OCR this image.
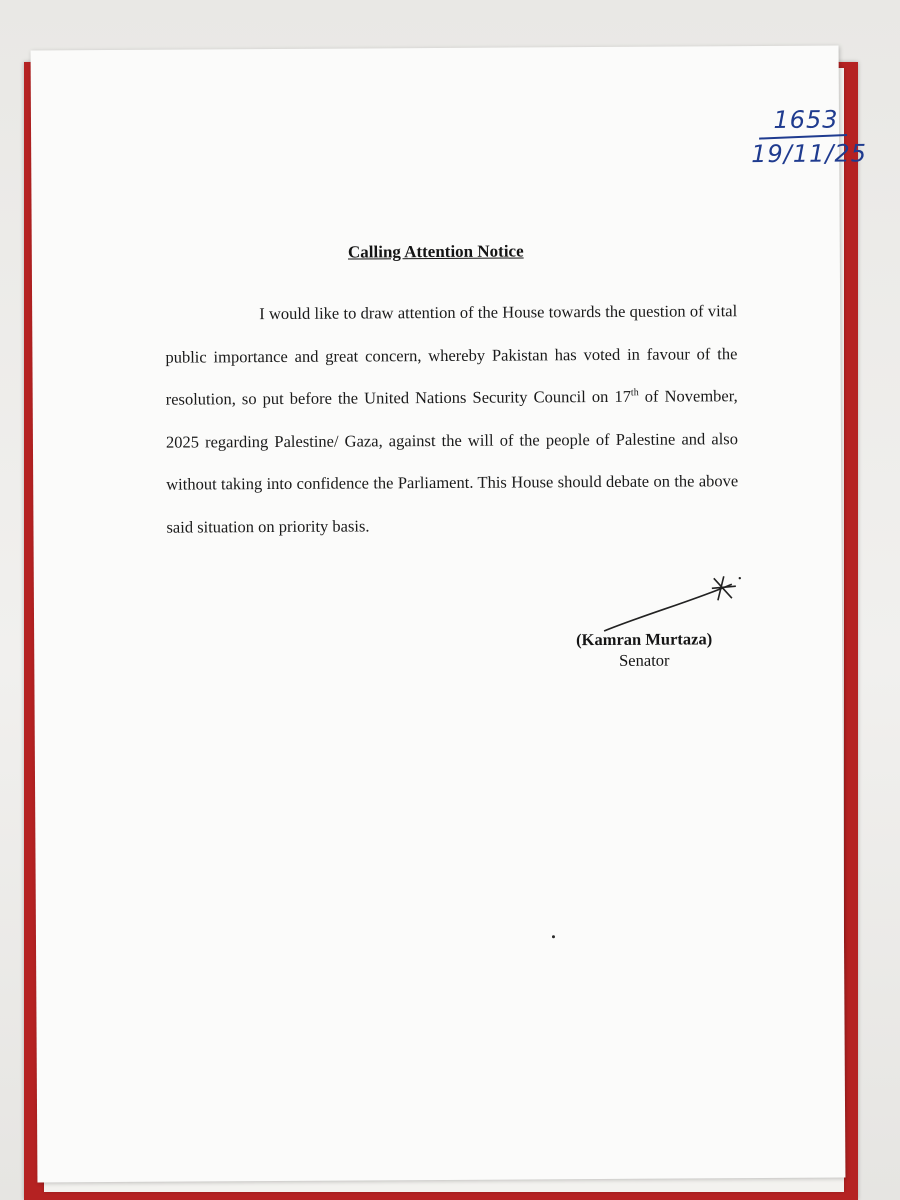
1653
19/11/25
Calling Attention Notice

I would like to draw attention of the House towards the question of vital public importance and great concern, whereby Pakistan has voted in favour of the resolution, so put before the United Nations Security Council on 17th of November, 2025 regarding Palestine/ Gaza, against the will of the people of Palestine and also without taking into confidence the Parliament. This House should debate on the above said situation on priority basis.

(Kamran Murtaza)
Senator
